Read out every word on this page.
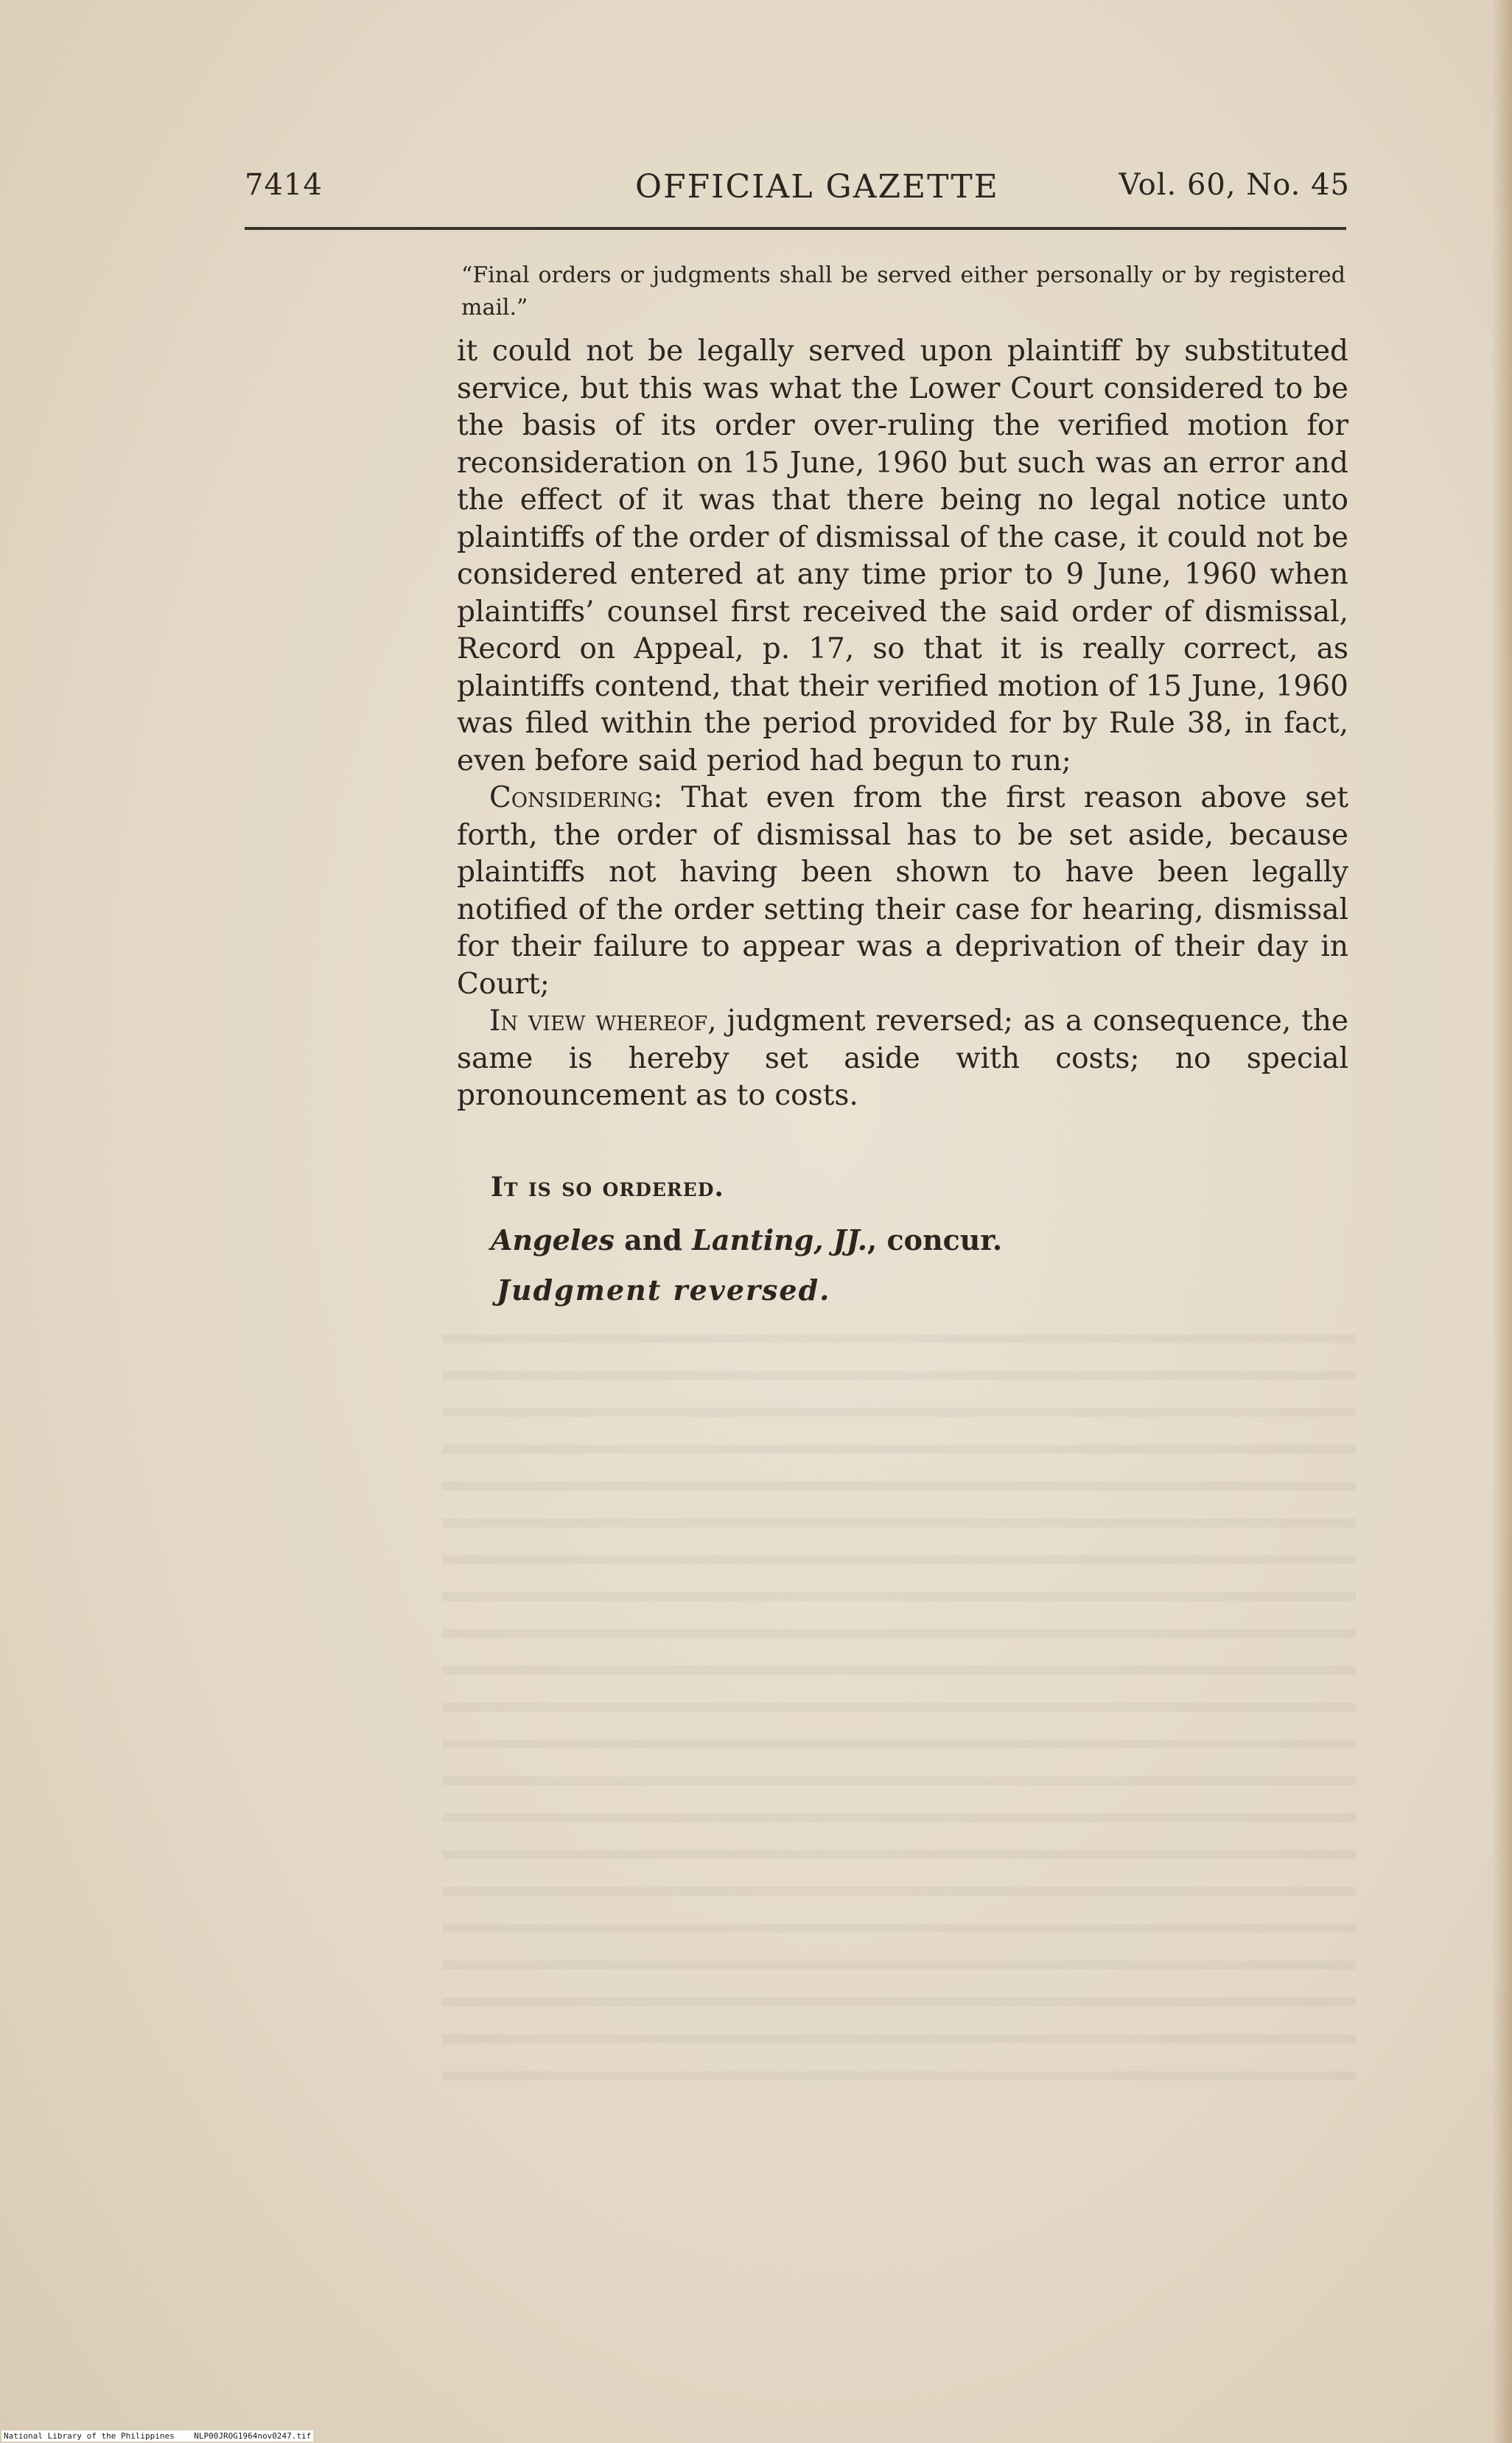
7414	OFFICIAL GAZETTE	Vol. 60, No. 45
“Final orders or judgments shall be served either personally or by registered mail.”

it could not be legally served upon plaintiff by substituted service, but this was what the Lower Court considered to be the basis of its order over-ruling the verified motion for reconsideration on 15 June, 1960 but such was an error and the effect of it was that there being no legal notice unto plaintiffs of the order of dismissal of the case, it could not be considered entered at any time prior to 9 June, 1960 when plaintiffs’ counsel first received the said order of dismissal, Record on Appeal, p. 17, so that it is really correct, as plaintiffs contend, that their verified motion of 15 June, 1960 was filed within the period provided for by Rule 38, in fact, even before said period had begun to run;

Considering: That even from the first reason above set forth, the order of dismissal has to be set aside, because plaintiffs not having been shown to have been legally notified of the order setting their case for hearing, dismissal for their failure to appear was a deprivation of their day in Court;

In view whereof, judgment reversed; as a consequence, the same is hereby set aside with costs; no special pronouncement as to costs.

It is so ordered.
Angeles and Lanting, JJ., concur.
Judgment reversed.
National Library of the Philippines NLP00JROG1964nov0247.tif
